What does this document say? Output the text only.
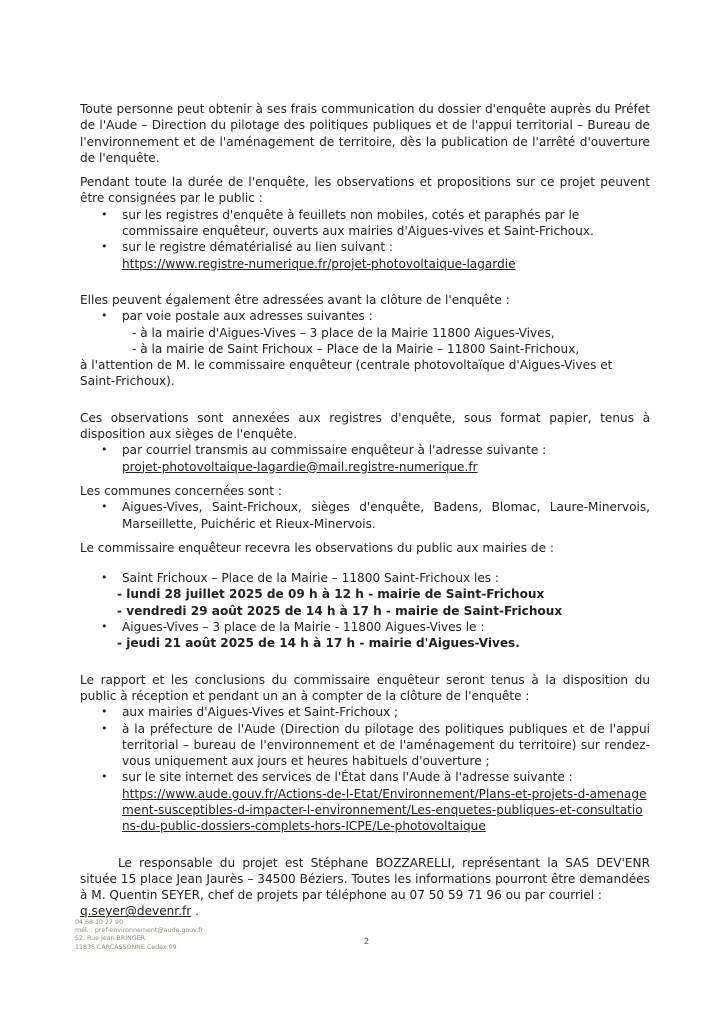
Toute personne peut obtenir à ses frais communication du dossier d'enquête auprès du Préfet de l'Aude – Direction du pilotage des politiques publiques et de l'appui territorial – Bureau de l'environnement et de l'aménagement de territoire, dès la publication de l'arrêté d'ouverture de l'enquête.

Pendant toute la durée de l'enquête, les observations et propositions sur ce projet peuvent être consignées par le public :

• sur les registres d'enquête à feuillets non mobiles, cotés et paraphés par le commissaire enquêteur, ouverts aux mairies d'Aigues-vives et Saint-Frichoux.
• sur le registre dématérialisé au lien suivant :
https://www.registre-numerique.fr/projet-photovoltaique-lagardie

Elles peuvent également être adressées avant la clôture de l'enquête :

• par voie postale aux adresses suivantes :

- à la mairie d'Aigues-Vives – 3 place de la Mairie 11800 Aigues-Vives,

- à la mairie de Saint Frichoux – Place de la Mairie – 11800 Saint-Frichoux,

à l'attention de M. le commissaire enquêteur (centrale photovoltaïque d'Aigues-Vives et Saint-Frichoux).

Ces observations sont annexées aux registres d'enquête, sous format papier, tenus à disposition aux sièges de l'enquête.

• par courriel transmis au commissaire enquêteur à l'adresse suivante :
projet-photovoltaique-lagardie@mail.registre-numerique.fr

Les communes concernées sont :

• Aigues-Vives, Saint-Frichoux, sièges d'enquête, Badens, Blomac, Laure-Minervois, Marseillette, Puichéric et Rieux-Minervois.

Le commissaire enquêteur recevra les observations du public aux mairies de :

• Saint Frichoux – Place de la Mairie – 11800 Saint-Frichoux les :

- lundi 28 juillet 2025 de 09 h à 12 h - mairie de Saint-Frichoux

- vendredi 29 août 2025 de 14 h à 17 h - mairie de Saint-Frichoux

• Aigues-Vives – 3 place de la Mairie - 11800 Aigues-Vives le :

- jeudi 21 août 2025 de 14 h à 17 h - mairie d'Aigues-Vives.

Le rapport et les conclusions du commissaire enquêteur seront tenus à la disposition du public à réception et pendant un an à compter de la clôture de l'enquête :

• aux mairies d'Aigues-Vives et Saint-Frichoux ;
• à la préfecture de l'Aude (Direction du pilotage des politiques publiques et de l'appui territorial – bureau de l'environnement et de l'aménagement du territoire) sur rendez-vous uniquement aux jours et heures habituels d'ouverture ;
• sur le site internet des services de l'État dans l'Aude à l'adresse suivante :
https://www.aude.gouv.fr/Actions-de-l-Etat/Environnement/Plans-et-projets-d-amenagement-susceptibles-d-impacter-l-environnement/Les-enquetes-publiques-et-consultations-du-public-dossiers-complets-hors-ICPE/Le-photovoltaique

Le responsable du projet est Stéphane BOZZARELLI, représentant la SAS DEV'ENR située 15 place Jean Jaurès – 34500 Béziers. Toutes les informations pourront être demandées à M. Quentin SEYER, chef de projets par téléphone au 07 50 59 71 96 ou par courriel :
q.seyer@devenr.fr .

04 68 10 27 90
mél. : pref-environnement@aude.gouv.fr
52, Rue Jean BRINGER
11836 CARCASSONNE Cedex 09
2
